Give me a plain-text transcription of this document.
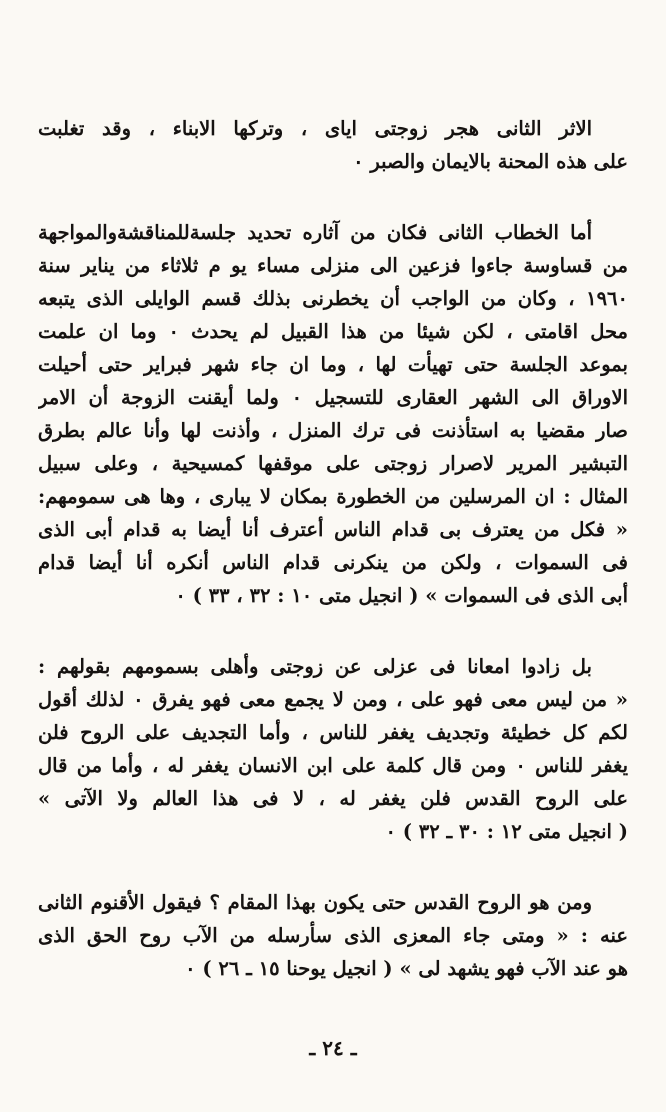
الاثر الثانى هجر زوجتى اياى ، وتركها الابناء ، وقد تغلبت
على هذه المحنة بالايمان والصبر ٠

أما الخطاب الثانى فكان من آثاره تحديد جلسةللمناقشةوالمواجهة
من قساوسة جاءوا فزعين الى منزلى مساء يو م ثلاثاء من يناير سنة
١٩٦٠ ، وكان من الواجب أن يخطرنى بذلك قسم الوايلى الذى يتبعه
محل اقامتى ، لكن شيئا من هذا القبيل لم يحدث ٠ وما ان علمت
بموعد الجلسة حتى تهيأت لها ، وما ان جاء شهر فبراير حتى أحيلت
الاوراق الى الشهر العقارى للتسجيل ٠ ولما أيقنت الزوجة أن الامر
صار مقضيا به استأذنت فى ترك المنزل ، وأذنت لها وأنا عالم بطرق
التبشير المرير لاصرار زوجتى على موقفها كمسيحية ، وعلى سبيل
المثال : ان المرسلين من الخطورة بمكان لا يبارى ، وها هى سمومهم:
« فكل من يعترف بى قدام الناس أعترف أنا أيضا به قدام أبى الذى
فى السموات ، ولكن من ينكرنى قدام الناس أنكره أنا أيضا قدام
أبى الذى فى السموات » ( انجيل متى ١٠ : ٣٢ ، ٣٣ ) ٠

بل زادوا امعانا فى عزلى عن زوجتى وأهلى بسمومهم بقولهم :
« من ليس معى فهو على ، ومن لا يجمع معى فهو يفرق ٠ لذلك أقول
لكم كل خطيئة وتجديف يغفر للناس ، وأما التجديف على الروح فلن
يغفر للناس ٠ ومن قال كلمة على ابن الانسان يغفر له ، وأما من قال
على الروح القدس فلن يغفر له ، لا فى هذا العالم ولا الآتى »
( انجيل متى ١٢ : ٣٠ ـ ٣٢ ) ٠

ومن هو الروح القدس حتى يكون بهذا المقام ؟ فيقول الأقنوم الثانى
عنه : « ومتى جاء المعزى الذى سأرسله من الآب روح الحق الذى
هو عند الآب فهو يشهد لى » ( انجيل يوحنا ١٥ ـ ٢٦ ) ٠

ـ ٢٤ ـ
